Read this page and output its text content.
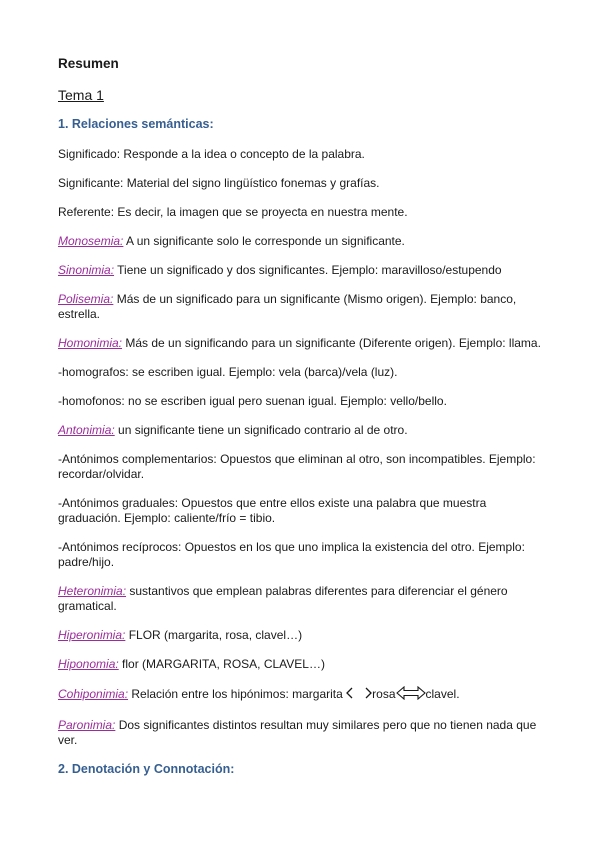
Resumen
Tema 1
1. Relaciones semánticas:

Significado: Responde a la idea o concepto de la palabra.

Significante: Material del signo lingüístico fonemas y grafías.

Referente: Es decir, la imagen que se proyecta en nuestra mente.

Monosemia: A un significante solo le corresponde un significante.

Sinonimia: Tiene un significado y dos significantes. Ejemplo: maravilloso/estupendo

Polisemia: Más de un significado para un significante (Mismo origen). Ejemplo: banco, estrella.

Homonimia: Más de un significando para un significante (Diferente origen). Ejemplo: llama.

-homografos: se escriben igual. Ejemplo: vela (barca)/vela (luz).

-homofonos: no se escriben igual pero suenan igual. Ejemplo: vello/bello.

Antonimia: un significante tiene un significado contrario al de otro.

-Antónimos complementarios: Opuestos que eliminan al otro, son incompatibles. Ejemplo: recordar/olvidar.

-Antónimos graduales: Opuestos que entre ellos existe una palabra que muestra graduación. Ejemplo: caliente/frío = tibio.

-Antónimos recíprocos: Opuestos en los que uno implica la existencia del otro. Ejemplo: padre/hijo.

Heteronimia: sustantivos que emplean palabras diferentes para diferenciar el género gramatical.

Hiperonimia: FLOR (margarita, rosa, clavel…)

Hiponomia: flor (MARGARITA, ROSA, CLAVEL…)

Cohiponimia: Relación entre los hipónimos: margarita rosa	clavel.

Paronimia: Dos significantes distintos resultan muy similares pero que no tienen nada que ver.

2. Denotación y Connotación:
